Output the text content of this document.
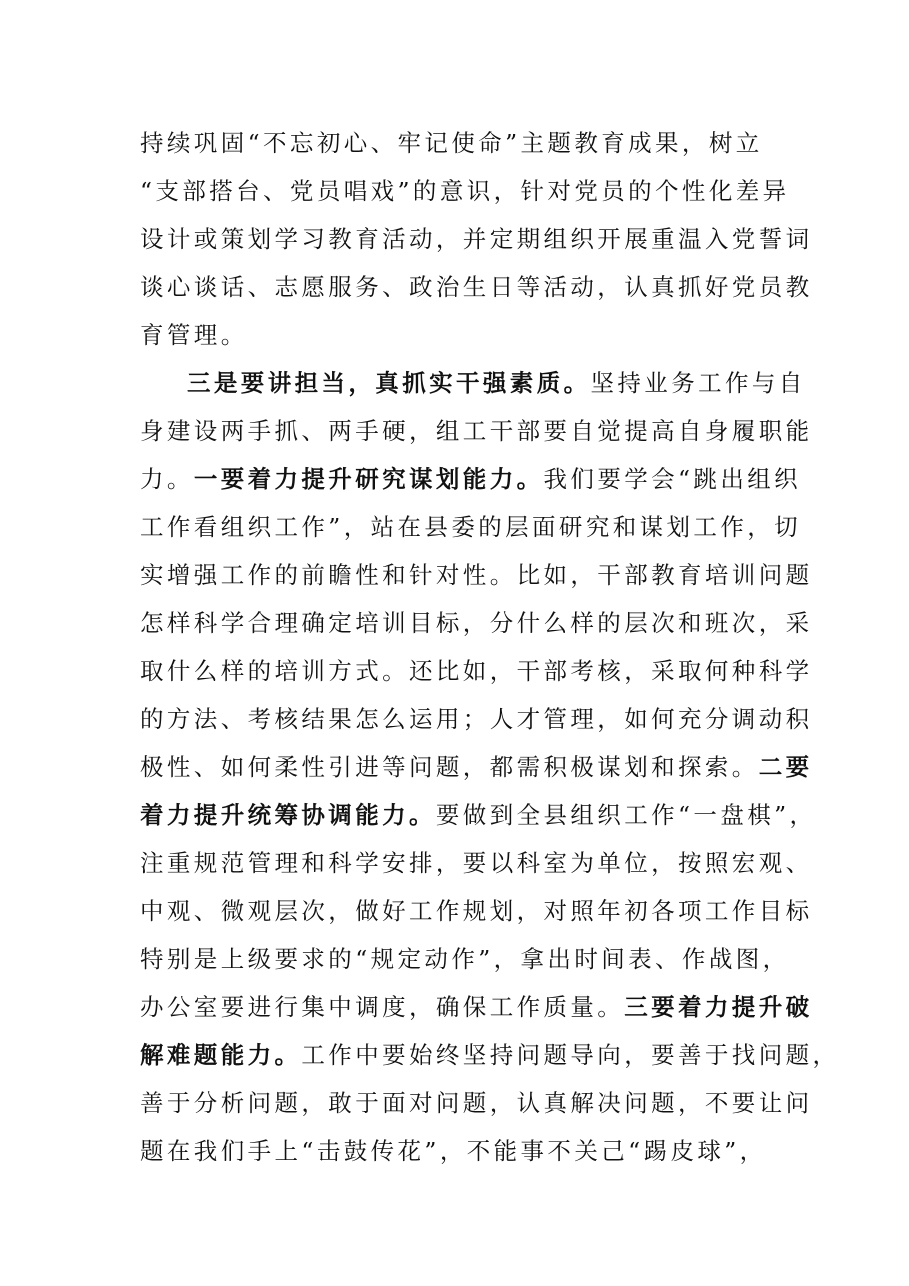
持续巩固“不忘初心、牢记使命”主题教育成果，树立
“支部搭台、党员唱戏”的意识，针对党员的个性化差异
设计或策划学习教育活动，并定期组织开展重温入党誓词
谈心谈话、志愿服务、政治生日等活动，认真抓好党员教
育管理。
三是要讲担当，真抓实干强素质。坚持业务工作与自
身建设两手抓、两手硬，组工干部要自觉提高自身履职能
力。一要着力提升研究谋划能力。我们要学会“跳出组织
工作看组织工作”，站在县委的层面研究和谋划工作，切
实增强工作的前瞻性和针对性。比如，干部教育培训问题
怎样科学合理确定培训目标，分什么样的层次和班次，采
取什么样的培训方式。还比如，干部考核，采取何种科学
的方法、考核结果怎么运用；人才管理，如何充分调动积
极性、如何柔性引进等问题，都需积极谋划和探索。二要
着力提升统筹协调能力。要做到全县组织工作“一盘棋”，
注重规范管理和科学安排，要以科室为单位，按照宏观、
中观、微观层次，做好工作规划，对照年初各项工作目标
特别是上级要求的“规定动作”，拿出时间表、作战图，
办公室要进行集中调度，确保工作质量。三要着力提升破
解难题能力。工作中要始终坚持问题导向，要善于找问题，
善于分析问题，敢于面对问题，认真解决问题，不要让问
题在我们手上“击鼓传花”，不能事不关己“踢皮球”，
